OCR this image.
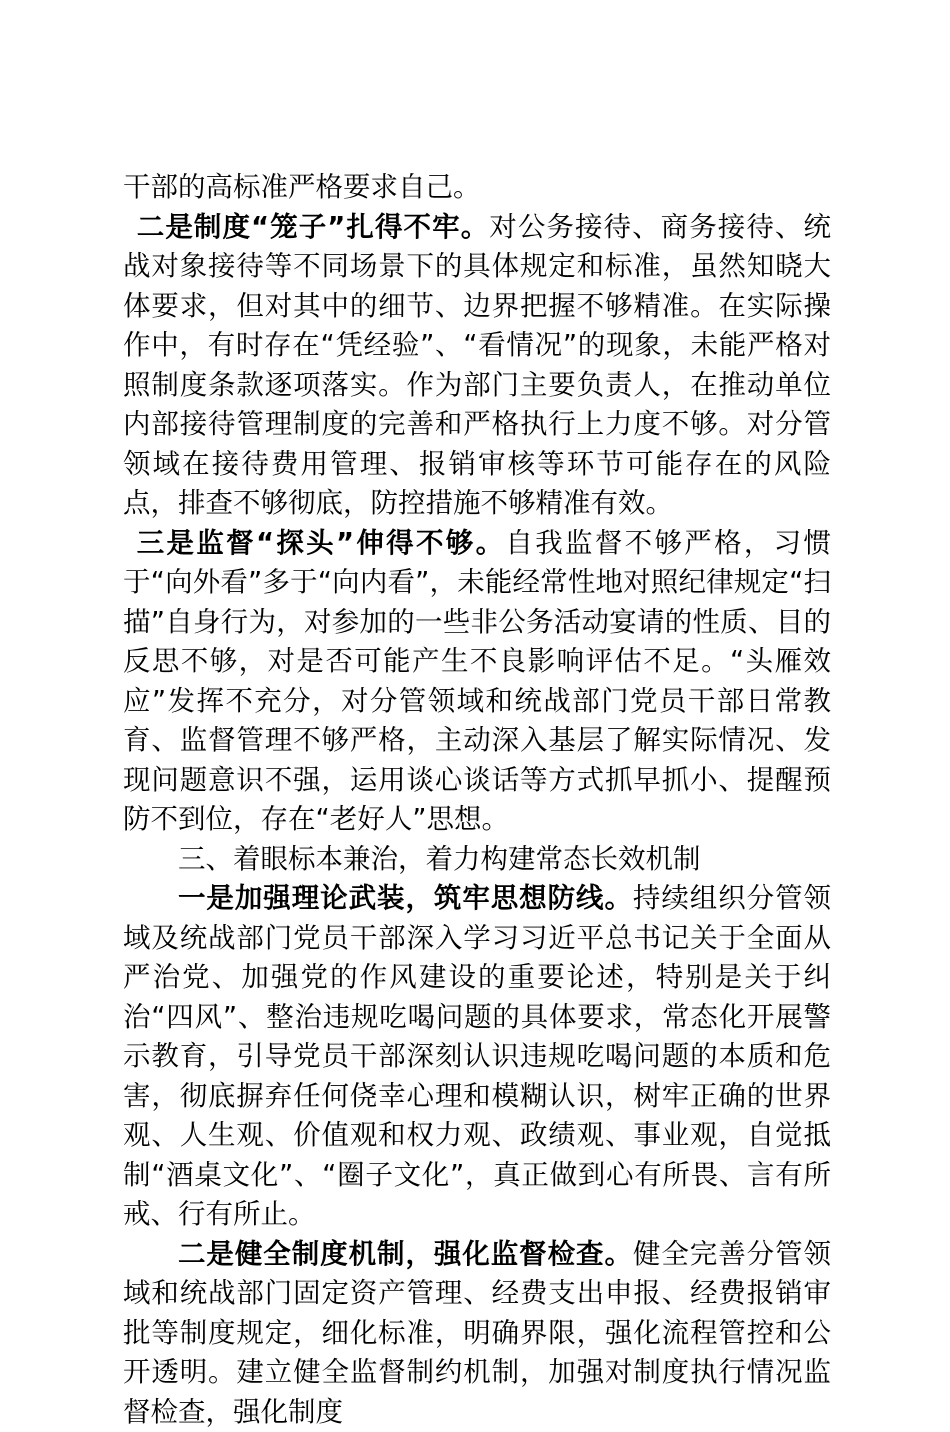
干部的高标准严格要求自己。

二是制度“笼子”扎得不牢。对公务接待、商务接待、统战对象接待等不同场景下的具体规定和标准，虽然知晓大体要求，但对其中的细节、边界把握不够精准。在实际操作中，有时存在“凭经验”、“看情况”的现象，未能严格对照制度条款逐项落实。作为部门主要负责人，在推动单位内部接待管理制度的完善和严格执行上力度不够。对分管领域在接待费用管理、报销审核等环节可能存在的风险点，排查不够彻底，防控措施不够精准有效。

三是监督“探头”伸得不够。自我监督不够严格，习惯于“向外看”多于“向内看”，未能经常性地对照纪律规定“扫描”自身行为，对参加的一些非公务活动宴请的性质、目的反思不够，对是否可能产生不良影响评估不足。“头雁效应”发挥不充分，对分管领域和统战部门党员干部日常教育、监督管理不够严格，主动深入基层了解实际情况、发现问题意识不强，运用谈心谈话等方式抓早抓小、提醒预防不到位，存在“老好人”思想。

三、着眼标本兼治，着力构建常态长效机制

一是加强理论武装，筑牢思想防线。持续组织分管领域及统战部门党员干部深入学习习近平总书记关于全面从严治党、加强党的作风建设的重要论述，特别是关于纠治“四风”、整治违规吃喝问题的具体要求，常态化开展警示教育，引导党员干部深刻认识违规吃喝问题的本质和危害，彻底摒弃任何侥幸心理和模糊认识，树牢正确的世界观、人生观、价值观和权力观、政绩观、事业观，自觉抵制“酒桌文化”、“圈子文化”，真正做到心有所畏、言有所戒、行有所止。

二是健全制度机制，强化监督检查。健全完善分管领域和统战部门固定资产管理、经费支出申报、经费报销审批等制度规定，细化标准，明确界限，强化流程管控和公开透明。建立健全监督制约机制，加强对制度执行情况监督检查，强化制度
